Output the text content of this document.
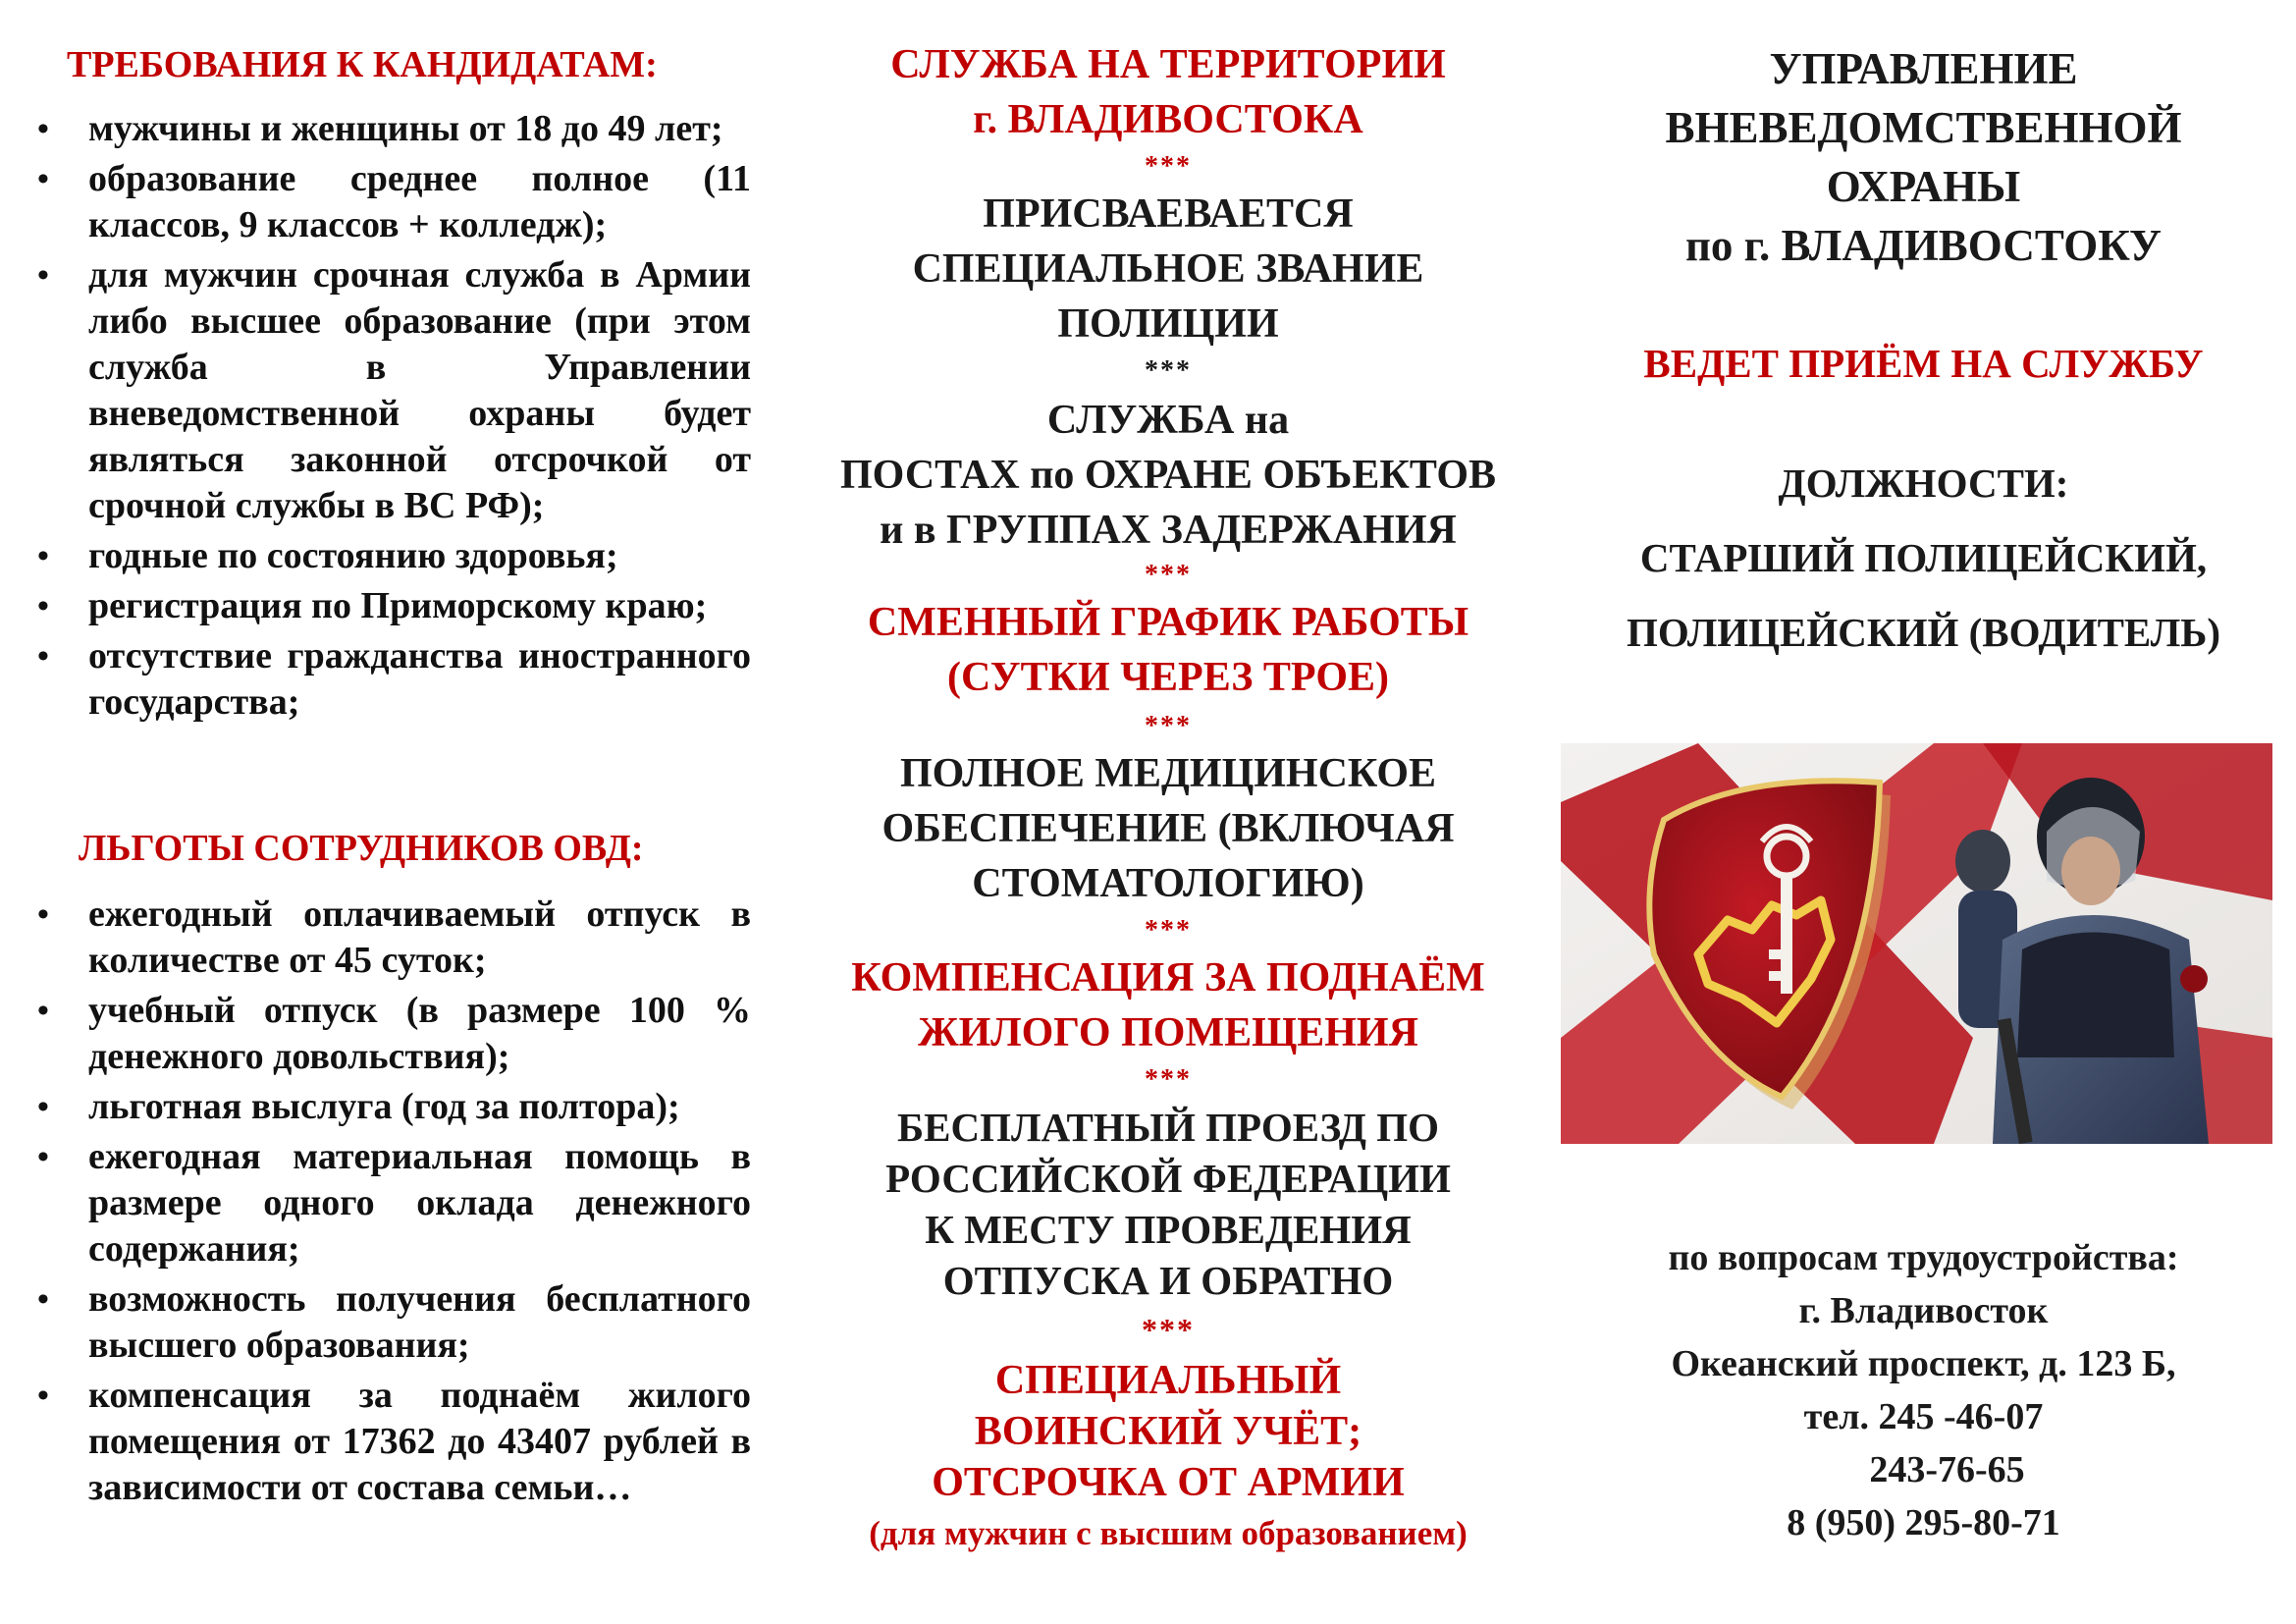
ТРЕБОВАНИЯ К КАНДИДАТАМ:
• мужчины и женщины от 18 до 49 лет;
• образование среднее полное (11 классов, 9 классов + колледж);
• для мужчин срочная служба в Армии либо высшее образование (при этом служба в Управлении вневедомственной охраны будет являться законной отсрочкой от срочной службы в ВС РФ);
• годные по состоянию здоровья;
• регистрация по Приморскому краю;
• отсутствие гражданства иностранного государства;
ЛЬГОТЫ СОТРУДНИКОВ ОВД:
• ежегодный оплачиваемый отпуск в количестве от 45 суток;
• учебный отпуск (в размере 100 % денежного довольствия);
• льготная выслуга (год за полтора);
• ежегодная материальная помощь в размере одного оклада денежного содержания;
• возможность получения бесплатного высшего образования;
• компенсация за поднаём жилого помещения от 17362 до 43407 рублей в зависимости от состава семьи…
СЛУЖБА НА ТЕРРИТОРИИ
г. ВЛАДИВОСТОКА
***
ПРИСВАЕВАЕТСЯ
СПЕЦИАЛЬНОЕ ЗВАНИЕ
ПОЛИЦИИ
***
СЛУЖБА на
ПОСТАХ по ОХРАНЕ ОБЪЕКТОВ
и в ГРУППАХ ЗАДЕРЖАНИЯ
***
СМЕННЫЙ ГРАФИК РАБОТЫ
(СУТКИ ЧЕРЕЗ ТРОЕ)
***
ПОЛНОЕ МЕДИЦИНСКОЕ
ОБЕСПЕЧЕНИЕ (ВКЛЮЧАЯ
СТОМАТОЛОГИЮ)
***
КОМПЕНСАЦИЯ ЗА ПОДНАЁМ
ЖИЛОГО ПОМЕЩЕНИЯ
***
БЕСПЛАТНЫЙ ПРОЕЗД ПО
РОССИЙСКОЙ ФЕДЕРАЦИИ
К МЕСТУ ПРОВЕДЕНИЯ
ОТПУСКА И ОБРАТНО
***
СПЕЦИАЛЬНЫЙ
ВОИНСКИЙ УЧЁТ;
ОТСРОЧКА ОТ АРМИИ
(для мужчин с высшим образованием)
УПРАВЛЕНИЕ
ВНЕВЕДОМСТВЕННОЙ
ОХРАНЫ
по г. ВЛАДИВОСТОКУ
ВЕДЕТ ПРИЁМ НА СЛУЖБУ
ДОЛЖНОСТИ:
СТАРШИЙ ПОЛИЦЕЙСКИЙ,
ПОЛИЦЕЙСКИЙ (ВОДИТЕЛЬ)
по вопросам трудоустройства:
г. Владивосток
Океанский проспект, д. 123 Б,
тел. 245 -46-07
243-76-65
8 (950) 295-80-71
